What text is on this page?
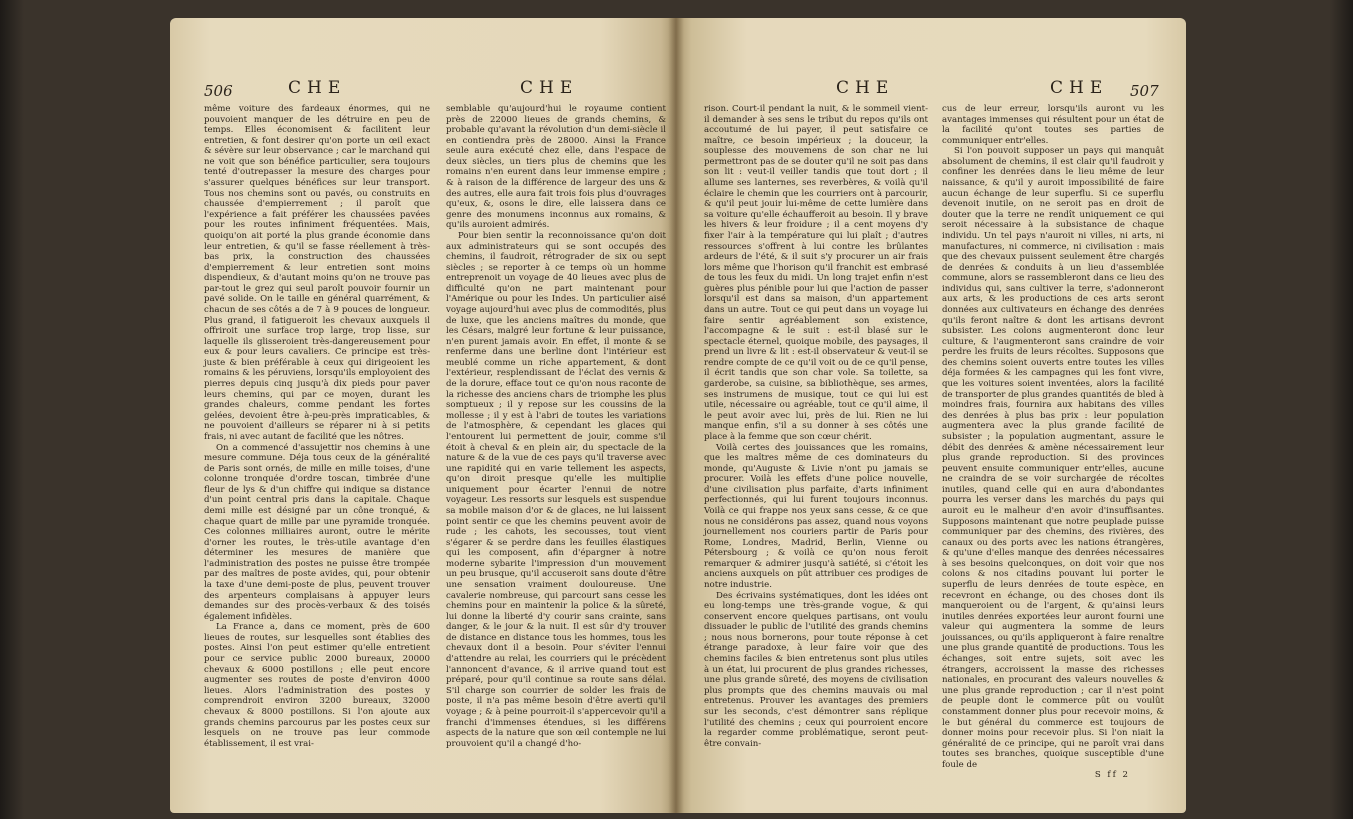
506	CHE	CHE

même voiture des fardeaux énormes, qui ne pouvoient manquer de les détruire en peu de temps. Elles économisent & facilitent leur entretien, & font desirer qu'on porte un œil exact & sévère sur leur observance ; car le marchand qui ne voit que son bénéfice particulier, sera toujours tenté d'outrepasser la mesure des charges pour s'assurer quelques bénéfices sur leur transport. Tous nos chemins sont ou pavés, ou construits en chaussée d'empierrement ; il paroît que l'expérience a fait préférer les chaussées pavées pour les routes infiniment fréquentées. Mais, quoiqu'on ait porté la plus grande économie dans leur entretien, & qu'il se fasse réellement à très-bas prix, la construction des chaussées d'empierrement & leur entretien sont moins dispendieux, & d'autant moins qu'on ne trouve pas par-tout le grez qui seul paroît pouvoir fournir un pavé solide. On le taille en général quarrément, & chacun de ses côtés a de 7 à 9 pouces de longueur. Plus grand, il fatigueroit les chevaux auxquels il offriroit une surface trop large, trop lisse, sur laquelle ils glisseroient très-dangereusement pour eux & pour leurs cavaliers. Ce principe est très-juste & bien préférable à ceux qui dirigeoient les romains & les péruviens, lorsqu'ils employoient des pierres depuis cinq jusqu'à dix pieds pour paver leurs chemins, qui par ce moyen, durant les grandes chaleurs, comme pendant les fortes gelées, devoient être à-peu-près impraticables, & ne pouvoient d'ailleurs se réparer ni à si petits frais, ni avec autant de facilité que les nôtres.

On a commencé d'assujettir nos chemins à une mesure commune. Déja tous ceux de la généralité de Paris sont ornés, de mille en mille toises, d'une colonne tronquée d'ordre toscan, timbrée d'une fleur de lys & d'un chiffre qui indique sa distance d'un point central pris dans la capitale. Chaque demi mille est désigné par un cône tronqué, & chaque quart de mille par une pyramide tronquée. Ces colonnes milliaires auront, outre le mérite d'orner les routes, le très-utile avantage d'en déterminer les mesures de manière que l'administration des postes ne puisse être trompée par des maîtres de poste avides, qui, pour obtenir la taxe d'une demi-poste de plus, peuvent trouver des arpenteurs complaisans à appuyer leurs demandes sur des procès-verbaux & des toisés également infidèles.

La France a, dans ce moment, près de 600 lieues de routes, sur lesquelles sont établies des postes. Ainsi l'on peut estimer qu'elle entretient pour ce service public 2000 bureaux, 20000 chevaux & 6000 postillons ; elle peut encore augmenter ses routes de poste d'environ 4000 lieues. Alors l'administration des postes y comprendroit environ 3200 bureaux, 32000 chevaux & 8000 postillons. Si l'on ajoute aux grands chemins parcourus par les postes ceux sur lesquels on ne trouve pas leur commode établissement, il est vrai-

semblable qu'aujourd'hui le royaume contient près de 22000 lieues de grands chemins, & probable qu'avant la révolution d'un demi-siècle il en contiendra près de 28000. Ainsi la France seule aura exécuté chez elle, dans l'espace de deux siècles, un tiers plus de chemins que les romains n'en eurent dans leur immense empire ; & à raison de la différence de largeur des uns & des autres, elle aura fait trois fois plus d'ouvrages qu'eux, &, osons le dire, elle laissera dans ce genre des monumens inconnus aux romains, & qu'ils auroient admirés.

Pour bien sentir la reconnoissance qu'on doit aux administrateurs qui se sont occupés des chemins, il faudroit, rétrograder de six ou sept siècles ; se reporter à ce temps où un homme entreprenoit un voyage de 40 lieues avec plus de difficulté qu'on ne part maintenant pour l'Amérique ou pour les Indes. Un particulier aisé voyage aujourd'hui avec plus de commodités, plus de luxe, que les anciens maîtres du monde, que les Césars, malgré leur fortune & leur puissance, n'en purent jamais avoir. En effet, il monte & se renferme dans une berline dont l'intérieur est meublé comme un riche appartement, & dont l'extérieur, resplendissant de l'éclat des vernis & de la dorure, efface tout ce qu'on nous raconte de la richesse des anciens chars de triomphe les plus somptueux ; il y repose sur les coussins de la mollesse ; il y est à l'abri de toutes les variations de l'atmosphère, & cependant les glaces qui l'entourent lui permettent de jouir, comme s'il étoit à cheval & en plein air, du spectacle de la nature & de la vue de ces pays qu'il traverse avec une rapidité qui en varie tellement les aspects, qu'on diroit presque qu'elle les multiplie uniquement pour écarter l'ennui de notre voyageur. Les ressorts sur lesquels est suspendue sa mobile maison d'or & de glaces, ne lui laissent point sentir ce que les chemins peuvent avoir de rude ; les cahots, les secousses, tout vient s'égarer & se perdre dans les feuilles élastiques qui les composent, afin d'épargner à notre moderne sybarite l'impression d'un mouvement un peu brusque, qu'il accuseroit sans doute d'être une sensation vraiment douloureuse. Une cavalerie nombreuse, qui parcourt sans cesse les chemins pour en maintenir la police & la sûreté, lui donne la liberté d'y courir sans crainte, sans danger, & le jour & la nuit. Il est sûr d'y trouver de distance en distance tous les hommes, tous les chevaux dont il a besoin. Pour s'éviter l'ennui d'attendre au relai, les courriers qui le précèdent l'annoncent d'avance, & il arrive quand tout est préparé, pour qu'il continue sa route sans délai. S'il charge son courrier de solder les frais de poste, il n'a pas même besoin d'être averti qu'il voyage ; & à peine pourroit-il s'appercevoir qu'il a franchi d'immenses étendues, si les différens aspects de la nature que son œil contemple ne lui prouvoient qu'il a changé d'ho-

CHE	CHE 507

rison. Court-il pendant la nuit, & le sommeil vient-il demander à ses sens le tribut du repos qu'ils ont accoutumé de lui payer, il peut satisfaire ce maître, ce besoin impérieux ; la douceur, la souplesse des mouvemens de son char ne lui permettront pas de se douter qu'il ne soit pas dans son lit : veut-il veiller tandis que tout dort ; il allume ses lanternes, ses reverbères, & voilà qu'il éclaire le chemin que les courriers ont à parcourir, & qu'il peut jouir lui-même de cette lumière dans sa voiture qu'elle échaufferoit au besoin. Il y brave les hivers & leur froidure ; il a cent moyens d'y fixer l'air à la température qui lui plaît ; d'autres ressources s'offrent à lui contre les brûlantes ardeurs de l'été, & il suit s'y procurer un air frais lors même que l'horison qu'il franchit est embrasé de tous les feux du midi. Un long trajet enfin n'est guères plus pénible pour lui que l'action de passer lorsqu'il est dans sa maison, d'un appartement dans un autre. Tout ce qui peut dans un voyage lui faire sentir agréablement son existence, l'accompagne & le suit : est-il blasé sur le spectacle éternel, quoique mobile, des paysages, il prend un livre & lit : est-il observateur & veut-il se rendre compte de ce qu'il voit ou de ce qu'il pense, il écrit tandis que son char vole. Sa toilette, sa garderobe, sa cuisine, sa bibliothèque, ses armes, ses instrumens de musique, tout ce qui lui est utile, nécessaire ou agréable, tout ce qu'il aime, il le peut avoir avec lui, près de lui. Rien ne lui manque enfin, s'il a su donner à ses côtés une place à la femme que son cœur chérit.

Voilà certes des jouissances que les romains, que les maîtres même de ces dominateurs du monde, qu'Auguste & Livie n'ont pu jamais se procurer. Voilà les effets d'une police nouvelle, d'une civilisation plus parfaite, d'arts infiniment perfectionnés, qui lui furent toujours inconnus. Voilà ce qui frappe nos yeux sans cesse, & ce que nous ne considérons pas assez, quand nous voyons journellement nos couriers partir de Paris pour Rome, Londres, Madrid, Berlin, Vienne ou Pétersbourg ; & voilà ce qu'on nous feroit remarquer & admirer jusqu'à satiété, si c'étoit les anciens auxquels on pût attribuer ces prodiges de notre industrie.

Des écrivains systématiques, dont les idées ont eu long-temps une très-grande vogue, & qui conservent encore quelques partisans, ont voulu dissuader le public de l'utilité des grands chemins ; nous nous bornerons, pour toute réponse à cet étrange paradoxe, à leur faire voir que des chemins faciles & bien entretenus sont plus utiles à un état, lui procurent de plus grandes richesses, une plus grande sûreté, des moyens de civilisation plus prompts que des chemins mauvais ou mal entretenus. Prouver les avantages des premiers sur les seconds, c'est démontrer sans réplique l'utilité des chemins ; ceux qui pourroient encore la regarder comme problématique, seront peut-être convain-

cus de leur erreur, lorsqu'ils auront vu les avantages immenses qui résultent pour un état de la facilité qu'ont toutes ses parties de communiquer entr'elles.

Si l'on pouvoit supposer un pays qui manquât absolument de chemins, il est clair qu'il faudroit y confiner les denrées dans le lieu même de leur naissance, & qu'il y auroit impossibilité de faire aucun échange de leur superflu. Si ce superflu devenoit inutile, on ne seroit pas en droit de douter que la terre ne rendît uniquement ce qui seroit nécessaire à la subsistance de chaque individu. Un tel pays n'auroit ni villes, ni arts, ni manufactures, ni commerce, ni civilisation : mais que des chevaux puissent seulement être chargés de denrées & conduits à un lieu d'assemblée commune, alors se rassembleront dans ce lieu des individus qui, sans cultiver la terre, s'adonneront aux arts, & les productions de ces arts seront données aux cultivateurs en échange des denrées qu'ils feront naître & dont les artisans devront subsister. Les colons augmenteront donc leur culture, & l'augmenteront sans craindre de voir perdre les fruits de leurs récoltes. Supposons que des chemins soient ouverts entre toutes les villes déja formées & les campagnes qui les font vivre, que les voitures soient inventées, alors la facilité de transporter de plus grandes quantités de bled à moindres frais, fournira aux habitans des villes des denrées à plus bas prix : leur population augmentera avec la plus grande facilité de subsister ; la population augmentant, assure le débit des denrées & amène nécessairement leur plus grande reproduction. Si des provinces peuvent ensuite communiquer entr'elles, aucune ne craindra de se voir surchargée de récoltes inutiles, quand celle qui en aura d'abondantes pourra les verser dans les marchés du pays qui auroit eu le malheur d'en avoir d'insuffisantes. Supposons maintenant que notre peuplade puisse communiquer par des chemins, des rivières, des canaux ou des ports avec les nations étrangères, & qu'une d'elles manque des denrées nécessaires à ses besoins quelconques, on doit voir que nos colons & nos citadins pouvant lui porter le superflu de leurs denrées de toute espèce, en recevront en échange, ou des choses dont ils manqueroient ou de l'argent, & qu'ainsi leurs inutiles denrées exportées leur auront fourni une valeur qui augmentera la somme de leurs jouissances, ou qu'ils appliqueront à faire renaître une plus grande quantité de productions. Tous les échanges, soit entre sujets, soit avec les étrangers, accroissent la masse des richesses nationales, en procurant des valeurs nouvelles & une plus grande reproduction ; car il n'est point de peuple dont le commerce pût ou voulût constamment donner plus pour recevoir moins, & le but général du commerce est toujours de donner moins pour recevoir plus. Si l'on niait la généralité de ce principe, qui ne paroît vrai dans toutes ses branches, quoique susceptible d'une foule de

S ff 2
